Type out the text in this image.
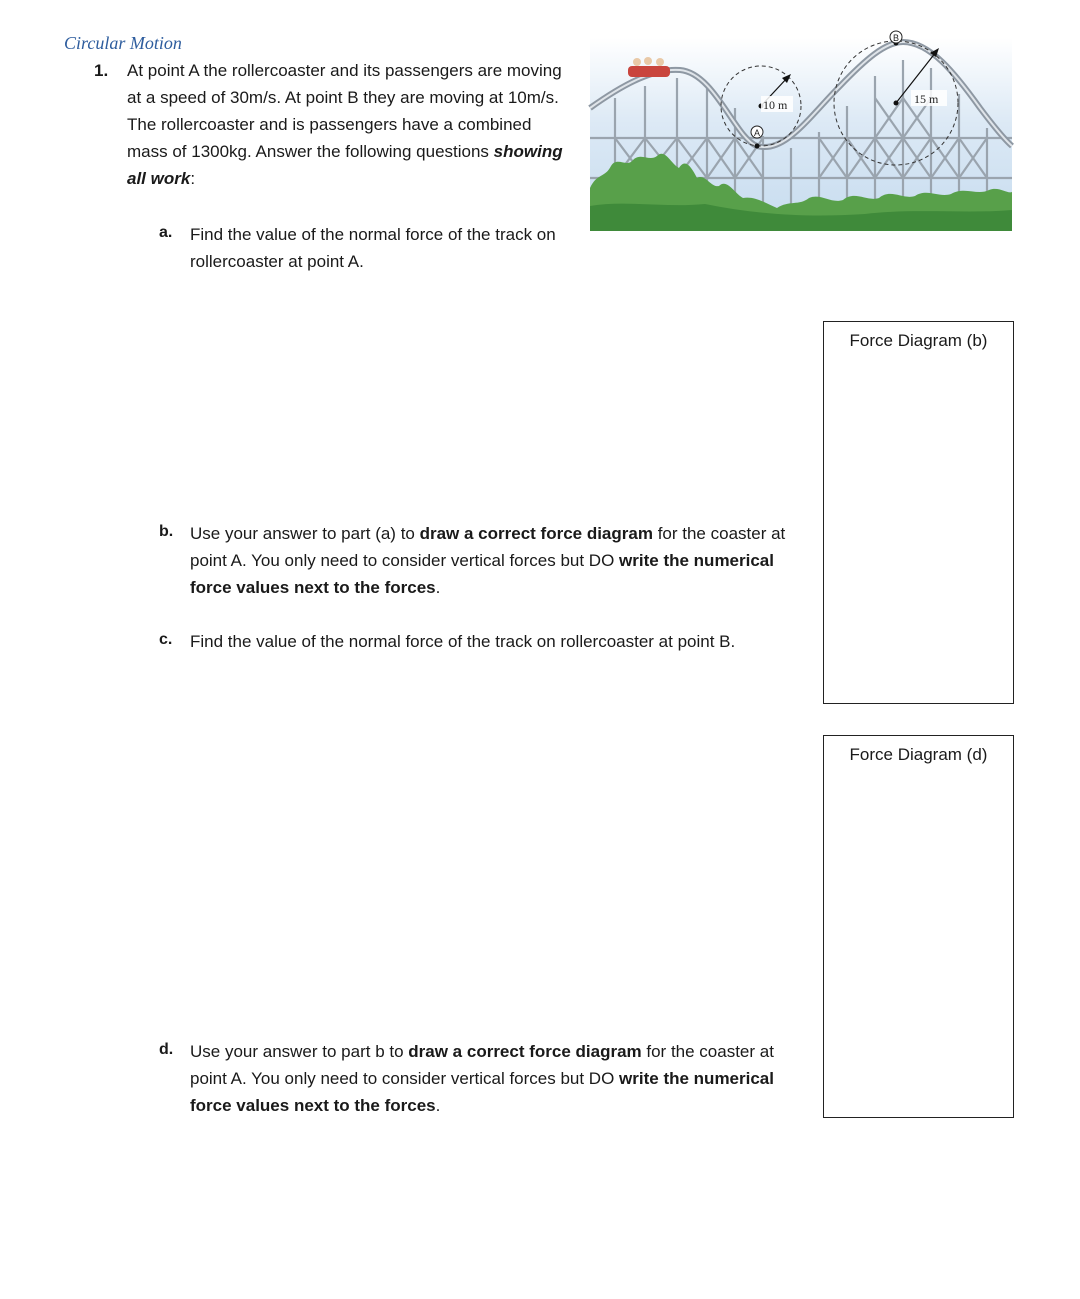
Circular Motion
1. At point A the rollercoaster and its passengers are moving at a speed of 30m/s. At point B they are moving at 10m/s. The rollercoaster and is passengers have a combined mass of 1300kg. Answer the following questions showing all work:
10 m	15 m
A
B
a. Find the value of the normal force of the track on rollercoaster at point A.
Force Diagram (b)
b. Use your answer to part (a) to draw a correct force diagram for the coaster at point A. You only need to consider vertical forces but DO write the numerical force values next to the forces.
c. Find the value of the normal force of the track on rollercoaster at point B.
Force Diagram (d)
d. Use your answer to part b to draw a correct force diagram for the coaster at point A. You only need to consider vertical forces but DO write the numerical force values next to the forces.
